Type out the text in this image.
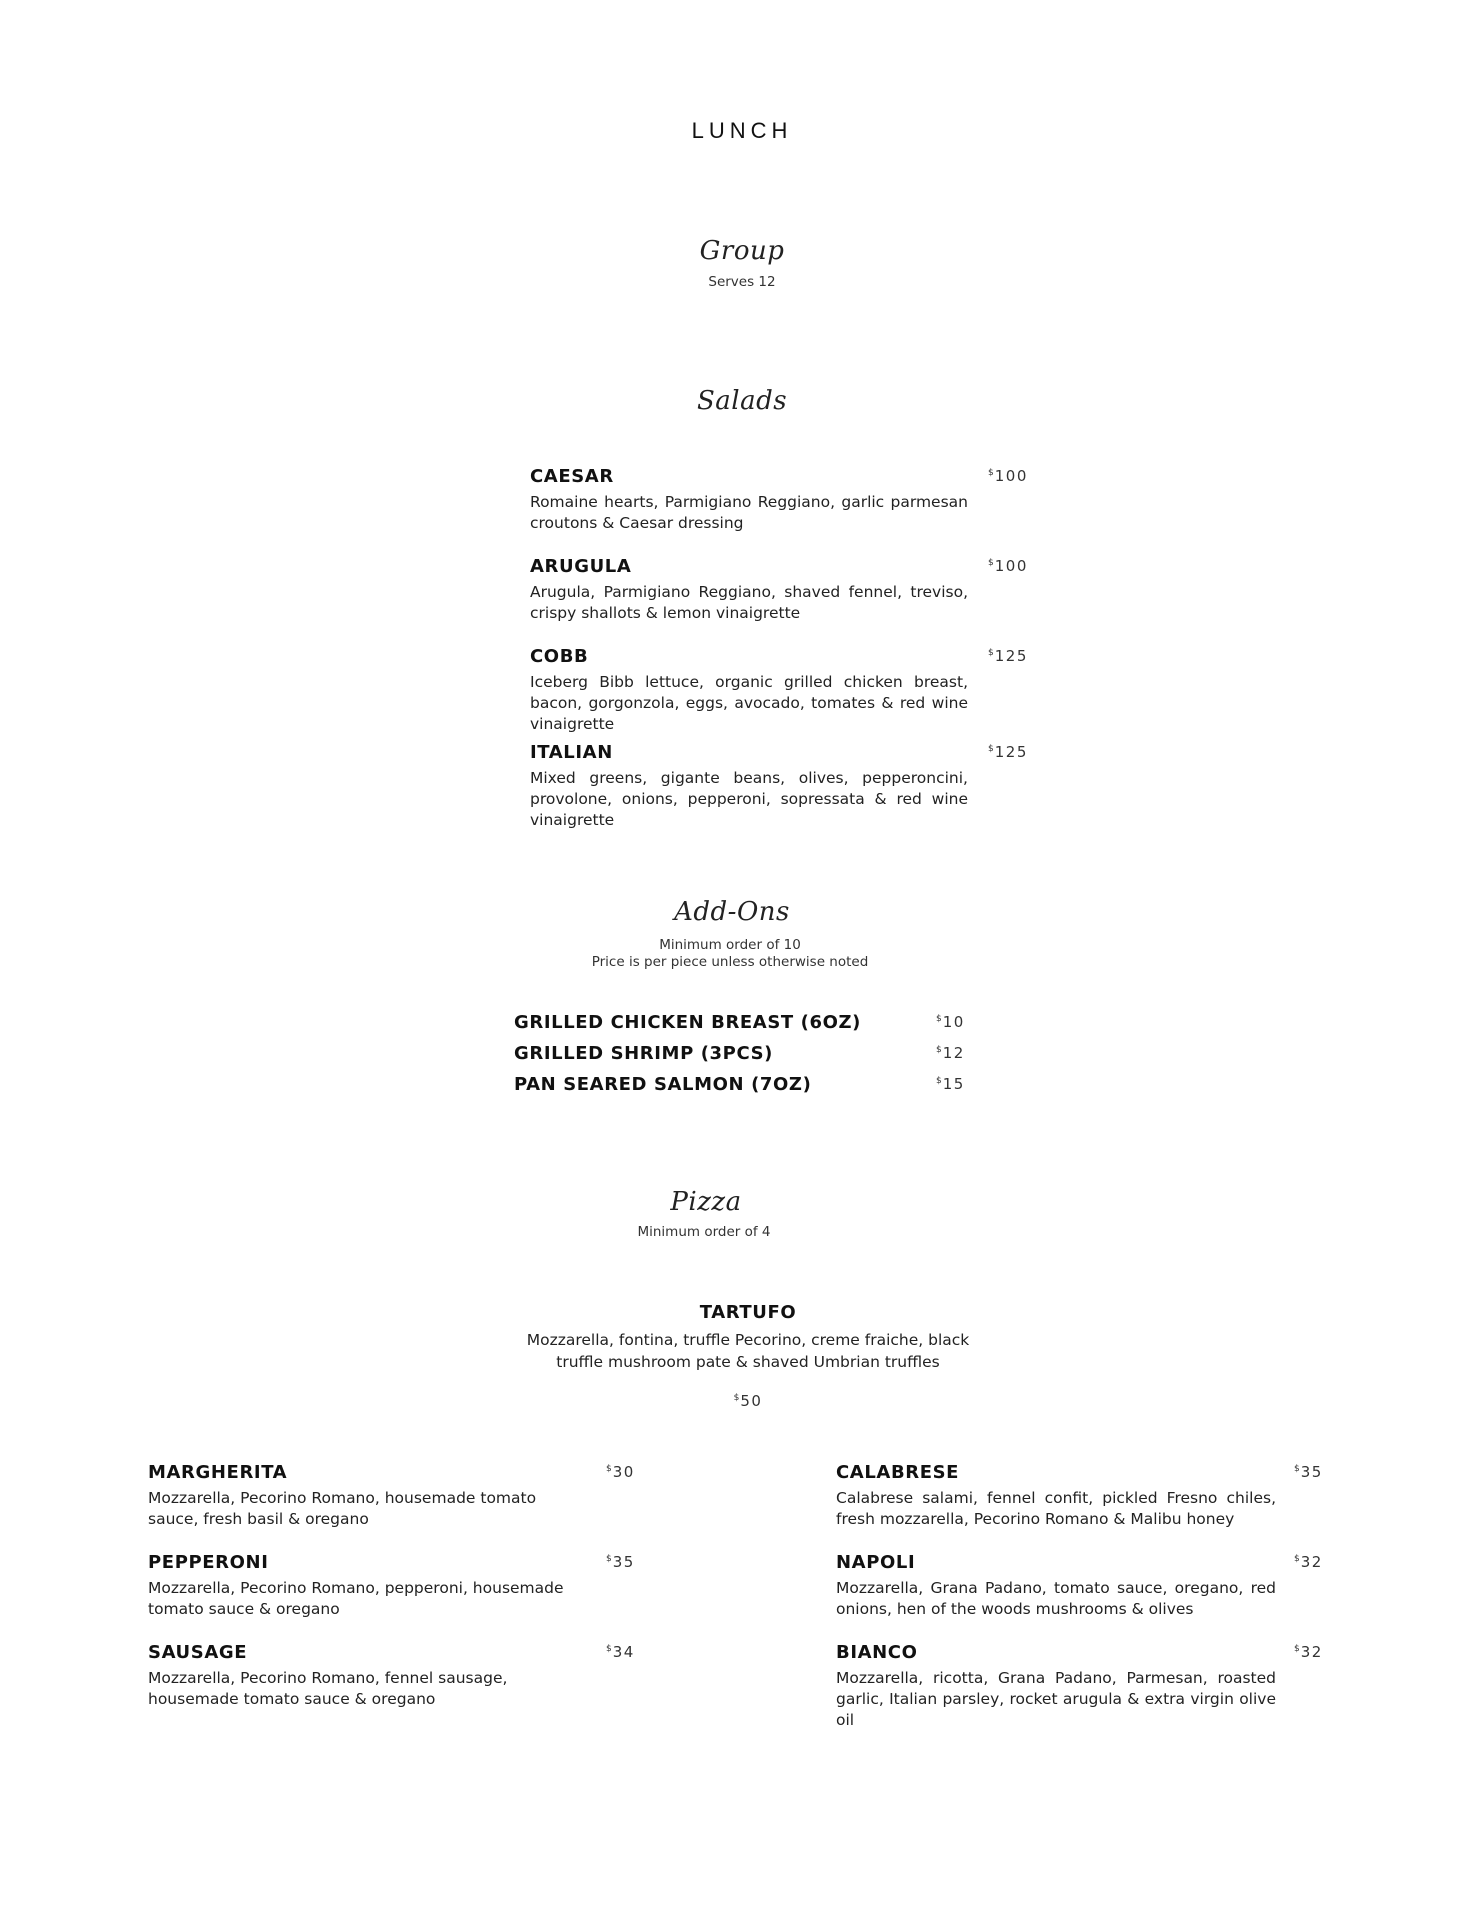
LUNCH
Group
Serves 12
Salads
CAESAR	$100
Romaine hearts, Parmigiano Reggiano, garlic parmesan croutons & Caesar dressing
ARUGULA	$100
Arugula, Parmigiano Reggiano, shaved fennel, treviso, crispy shallots & lemon vinaigrette
COBB	$125
Iceberg Bibb lettuce, organic grilled chicken breast, bacon, gorgonzola, eggs, avocado, tomates & red wine vinaigrette
ITALIAN	$125
Mixed greens, gigante beans, olives, pepperoncini, provolone, onions, pepperoni, sopressata & red wine vinaigrette
Add-Ons
Minimum order of 10
Price is per piece unless otherwise noted
GRILLED CHICKEN BREAST (6OZ)	$10
GRILLED SHRIMP (3PCS)	$12
PAN SEARED SALMON (7OZ)	$15
Pizza
Minimum order of 4
TARTUFO
Mozzarella, fontina, truffle Pecorino, creme fraiche, black
truffle mushroom pate & shaved Umbrian truffles
$50
MARGHERITA	$30
Mozzarella, Pecorino Romano, housemade tomato sauce, fresh basil & oregano
PEPPERONI	$35
Mozzarella, Pecorino Romano, pepperoni, housemade tomato sauce & oregano
SAUSAGE	$34
Mozzarella, Pecorino Romano, fennel sausage, housemade tomato sauce & oregano
CALABRESE	$35
Calabrese salami, fennel confit, pickled Fresno chiles, fresh mozzarella, Pecorino Romano & Malibu honey
NAPOLI	$32
Mozzarella, Grana Padano, tomato sauce, oregano, red onions, hen of the woods mushrooms & olives
BIANCO	$32
Mozzarella, ricotta, Grana Padano, Parmesan, roasted garlic, Italian parsley, rocket arugula & extra virgin olive oil
